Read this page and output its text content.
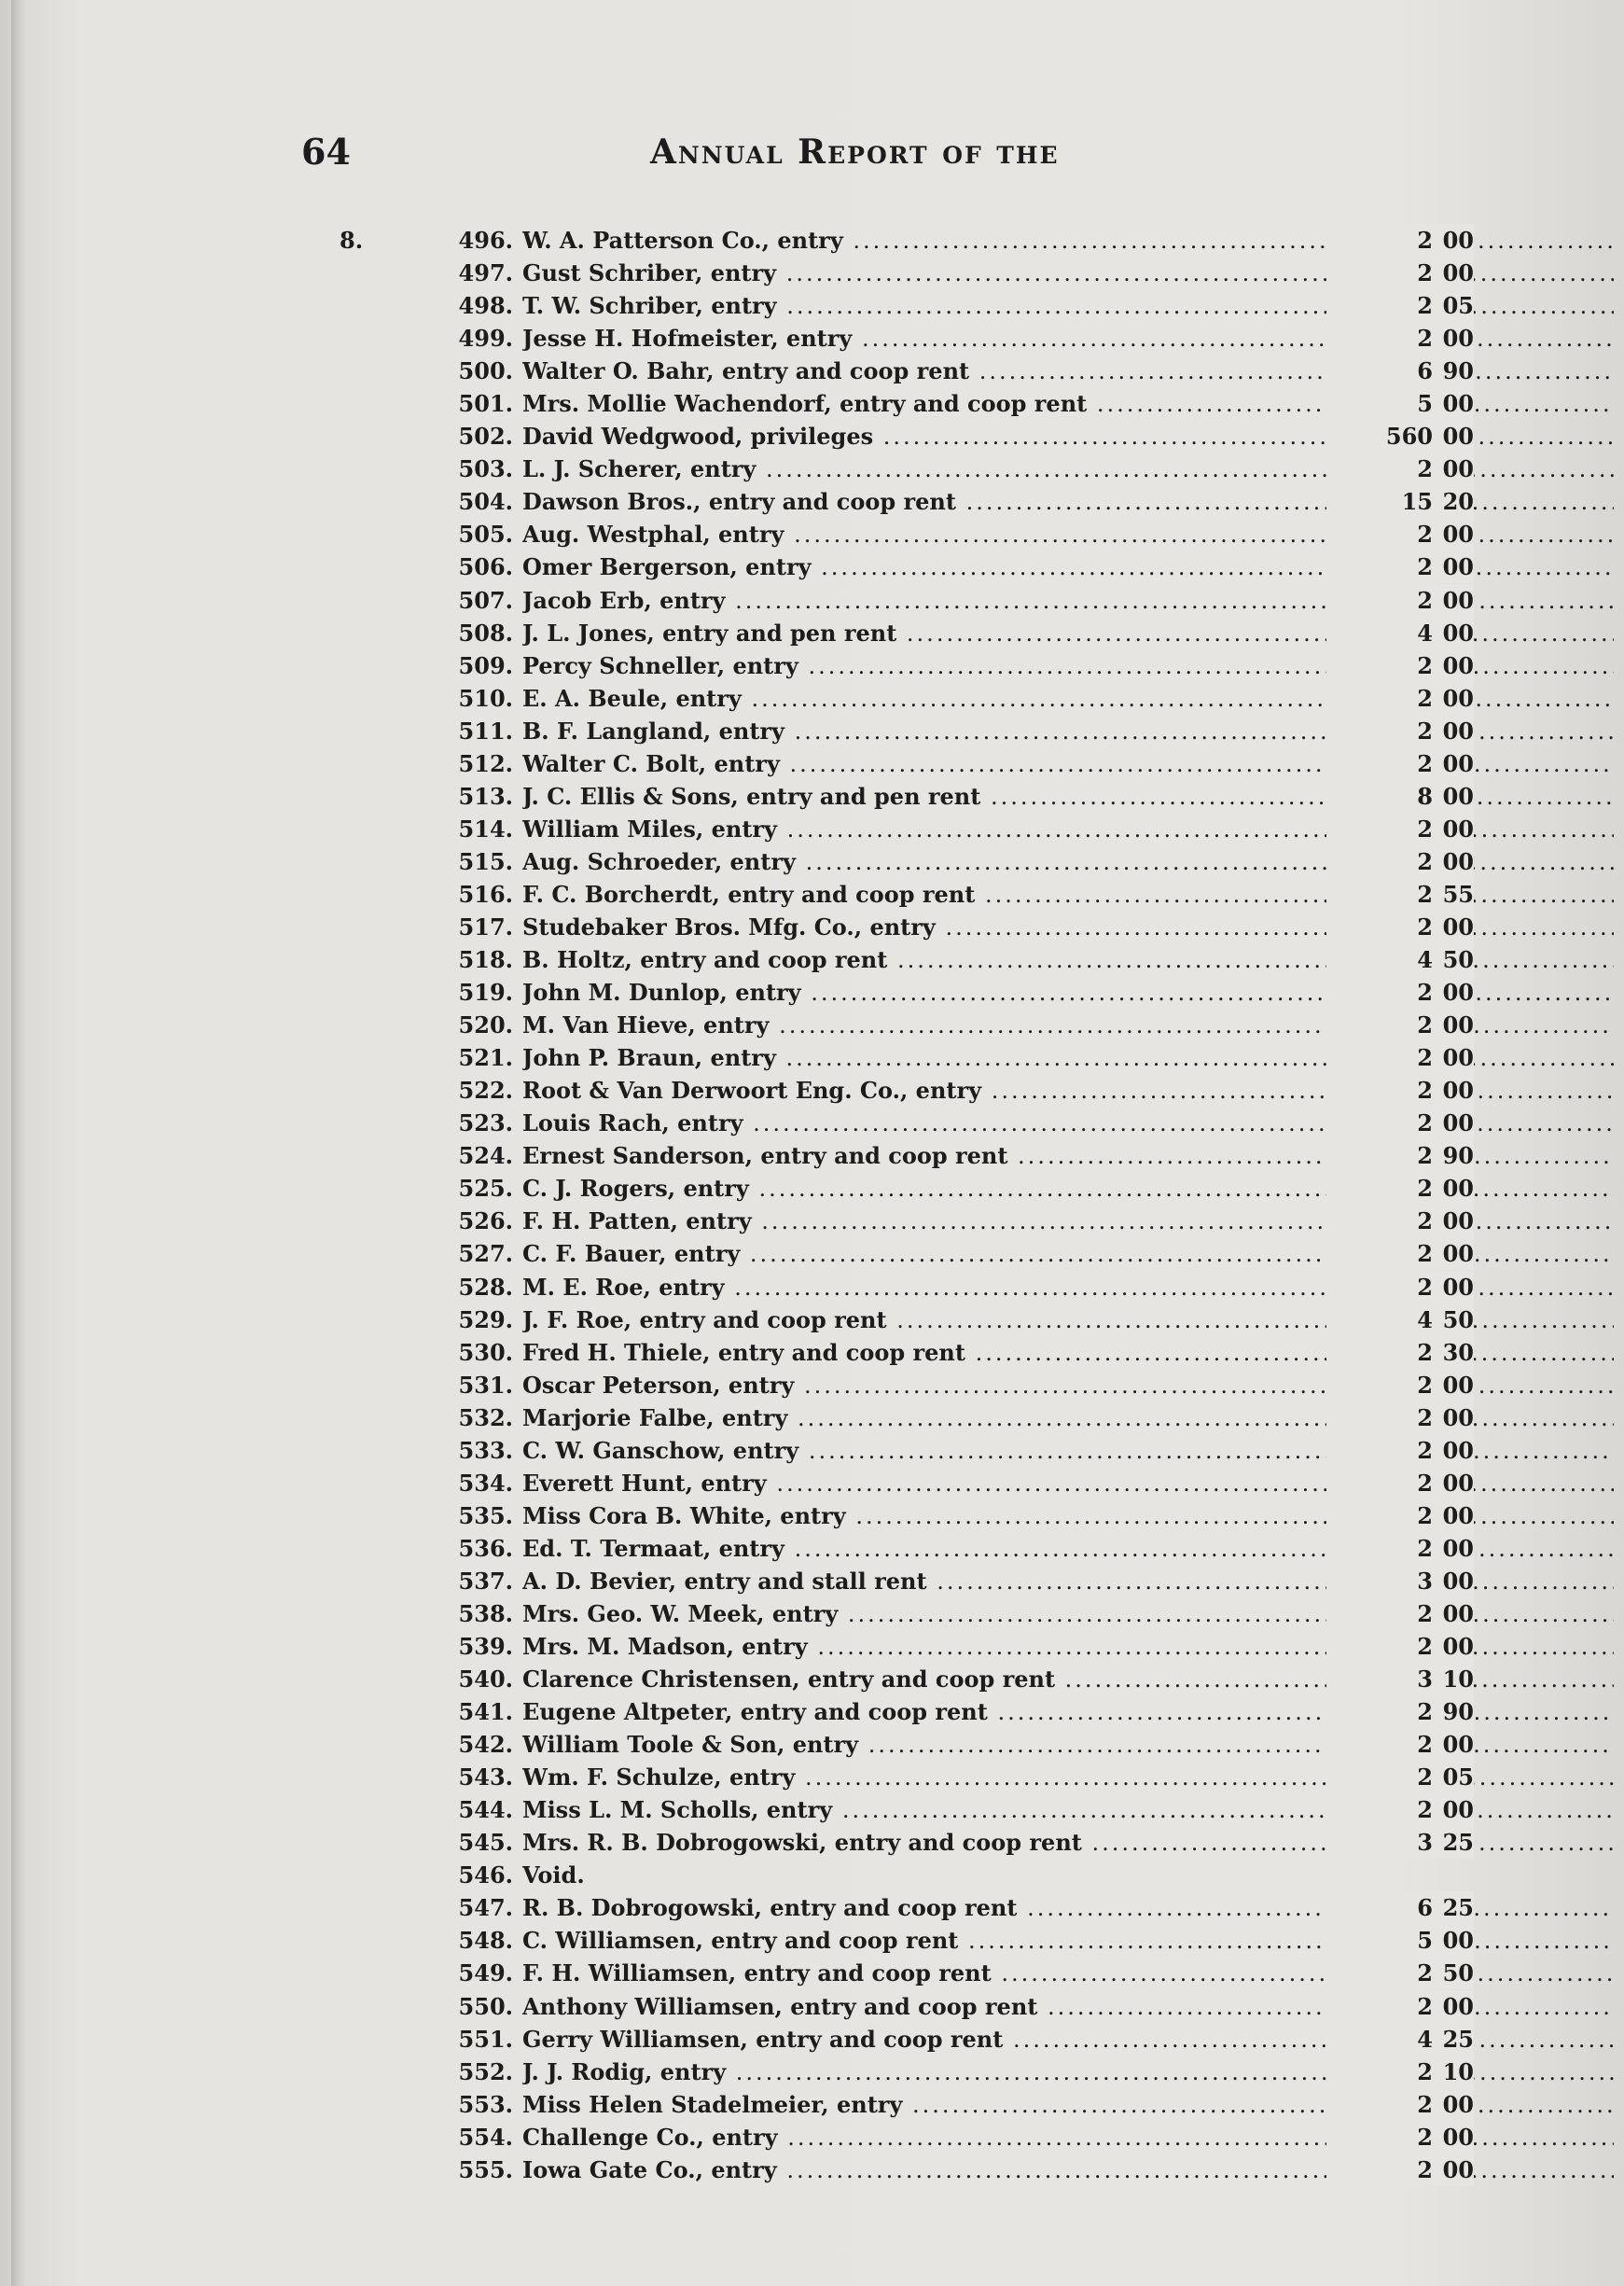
64	Annual Report of the
8.	496. W. A. Patterson Co., entry .....	2 00
497. Gust Schriber, entry .....	2 00
498. T. W. Schriber, entry .....	2 05
499. Jesse H. Hofmeister, entry .....	2 00
500. Walter O. Bahr, entry and coop rent .....	6 90
501. Mrs. Mollie Wachendorf, entry and coop rent .....	5 00
502. David Wedgwood, privileges .....	560 00
503. L. J. Scherer, entry .....	2 00
504. Dawson Bros., entry and coop rent .....	15 20
505. Aug. Westphal, entry .....	2 00
506. Omer Bergerson, entry .....	2 00
507. Jacob Erb, entry .....	2 00
508. J. L. Jones, entry and pen rent .....	4 00
509. Percy Schneller, entry .....	2 00
510. E. A. Beule, entry .....	2 00
511. B. F. Langland, entry .....	2 00
512. Walter C. Bolt, entry .....	2 00
513. J. C. Ellis & Sons, entry and pen rent .....	8 00
514. William Miles, entry .....	2 00
515. Aug. Schroeder, entry .....	2 00
516. F. C. Borcherdt, entry and coop rent .....	2 55
517. Studebaker Bros. Mfg. Co., entry .....	2 00
518. B. Holtz, entry and coop rent .....	4 50
519. John M. Dunlop, entry .....	2 00
520. M. Van Hieve, entry .....	2 00
521. John P. Braun, entry .....	2 00
522. Root & Van Derwoort Eng. Co., entry .....	2 00
523. Louis Rach, entry .....	2 00
524. Ernest Sanderson, entry and coop rent .....	2 90
525. C. J. Rogers, entry .....	2 00
526. F. H. Patten, entry .....	2 00
527. C. F. Bauer, entry .....	2 00
528. M. E. Roe, entry .....	2 00
529. J. F. Roe, entry and coop rent .....	4 50
530. Fred H. Thiele, entry and coop rent .....	2 30
531. Oscar Peterson, entry .....	2 00
532. Marjorie Falbe, entry .....	2 00
533. C. W. Ganschow, entry .....	2 00
534. Everett Hunt, entry .....	2 00
535. Miss Cora B. White, entry .....	2 00
536. Ed. T. Termaat, entry .....	2 00
537. A. D. Bevier, entry and stall rent .....	3 00
538. Mrs. Geo. W. Meek, entry .....	2 00
539. Mrs. M. Madson, entry .....	2 00
540. Clarence Christensen, entry and coop rent .....	3 10
541. Eugene Altpeter, entry and coop rent .....	2 90
542. William Toole & Son, entry .....	2 00
543. Wm. F. Schulze, entry .....	2 05
544. Miss L. M. Scholls, entry .....	2 00
545. Mrs. R. B. Dobrogowski, entry and coop rent .....	3 25
546. Void.
547. R. B. Dobrogowski, entry and coop rent .....	6 25
548. C. Williamsen, entry and coop rent .....	5 00
549. F. H. Williamsen, entry and coop rent .....	2 50
550. Anthony Williamsen, entry and coop rent .....	2 00
551. Gerry Williamsen, entry and coop rent .....	4 25
552. J. J. Rodig, entry .....	2 10
553. Miss Helen Stadelmeier, entry .....	2 00
554. Challenge Co., entry .....	2 00
555. Iowa Gate Co., entry .....	2 00
